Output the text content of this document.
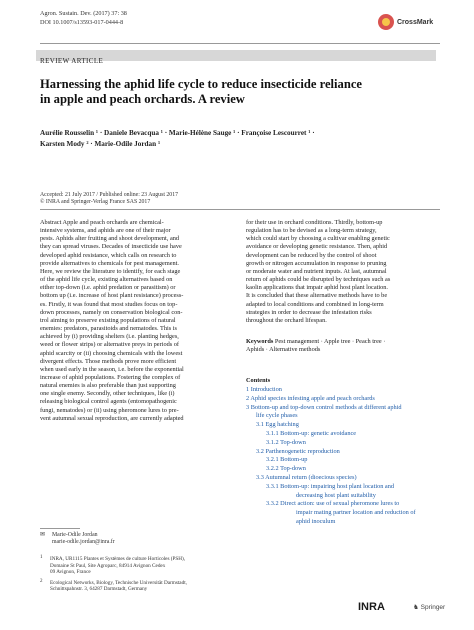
Agron. Sustain. Dev. (2017) 37: 38
DOI 10.1007/s13593-017-0444-8	CrossMark
REVIEW ARTICLE
Harnessing the aphid life cycle to reduce insecticide reliance
in apple and peach orchards. A review
Aurélie Rousselin ¹ · Daniele Bevacqua ¹ · Marie-Hélène Sauge ¹ · Françoise Lescourret ¹ ·
Karsten Mody ² · Marie-Odile Jordan ¹
Accepted: 21 July 2017 / Published online: 23 August 2017
© INRA and Springer-Verlag France SAS 2017

Abstract Apple and peach orchards are chemical-

intensive systems, and aphids are one of their major

pests. Aphids alter fruiting and shoot development, and

they can spread viruses. Decades of insecticide use have

developed aphid resistance, which calls on research to

provide alternatives to chemicals for pest management.

Here, we review the literature to identify, for each stage

of the aphid life cycle, existing alternatives based on

either top-down (i.e. aphid predation or parasitism) or

bottom up (i.e. increase of host plant resistance) process-

es. Firstly, it was found that most studies focus on top-

down processes, namely on conservation biological con-

trol aiming to preserve existing populations of natural

enemies: predators, parasitoids and nematodes. This is

achieved by (i) providing shelters (i.e. planting hedges,

weed or flower strips) or alternative preys in periods of

aphid scarcity or (ii) choosing chemicals with the lowest

divergent effects. Those methods prove more efficient

when used early in the season, i.e. before the exponential

increase of aphid populations. Fostering the complex of

natural enemies is also preferable than just supporting

one single enemy. Secondly, other techniques, like (i)

releasing biological control agents (entomopathogenic

fungi, nematodes) or (ii) using pheromone lures to pre-

vent autumnal sexual reproduction, are currently adapted

for their use in orchard conditions. Thirdly, bottom-up

regulation has to be devised as a long-term strategy,

which could start by choosing a cultivar enabling genetic

avoidance or developing genetic resistance. Then, aphid

development can be reduced by the control of shoot

growth or nitrogen accumulation in response to pruning

or moderate water and nutrient inputs. At last, autumnal

return of aphids could be disrupted by techniques such as

kaolin applications that impair aphid host plant location.

It is concluded that these alternative methods have to be

adapted to local conditions and combined in long-term

strategies in order to decrease the infestation risks

throughout the orchard lifespan.

Keywords Pest management · Apple tree · Peach tree ·
Aphids · Alternative methods
Contents
1 Introduction
2 Aphid species infesting apple and peach orchards
3 Bottom-up and top-down control methods at different aphid
life cycle phases
3.1 Egg hatching
3.1.1 Bottom-up: genetic avoidance
3.1.2 Top-down
3.2 Parthenogenetic reproduction
3.2.1 Bottom-up
3.2.2 Top-down
3.3 Autumnal return (dioecious species)
3.3.1 Bottom-up: impairing host plant location and
decreasing host plant suitability
3.3.2 Direct action: use of sexual pheromone lures to
impair mating partner location and reduction of
aphid inoculum
✉ Marie-Odile Jordan
marie-odile.jordan@inra.fr
1 INRA, UR1115 Plantes et Systèmes de culture Horticoles (PSH),
Domaine St Paul, Site Agroparc, 84914 Avignon Cedex
09 Avignon, France
2 Ecological Networks, Biology, Technische Universität Darmstadt,
Schnittspahnstr. 3, 64287 Darmstadt, Germany
INRA	♞ Springer
